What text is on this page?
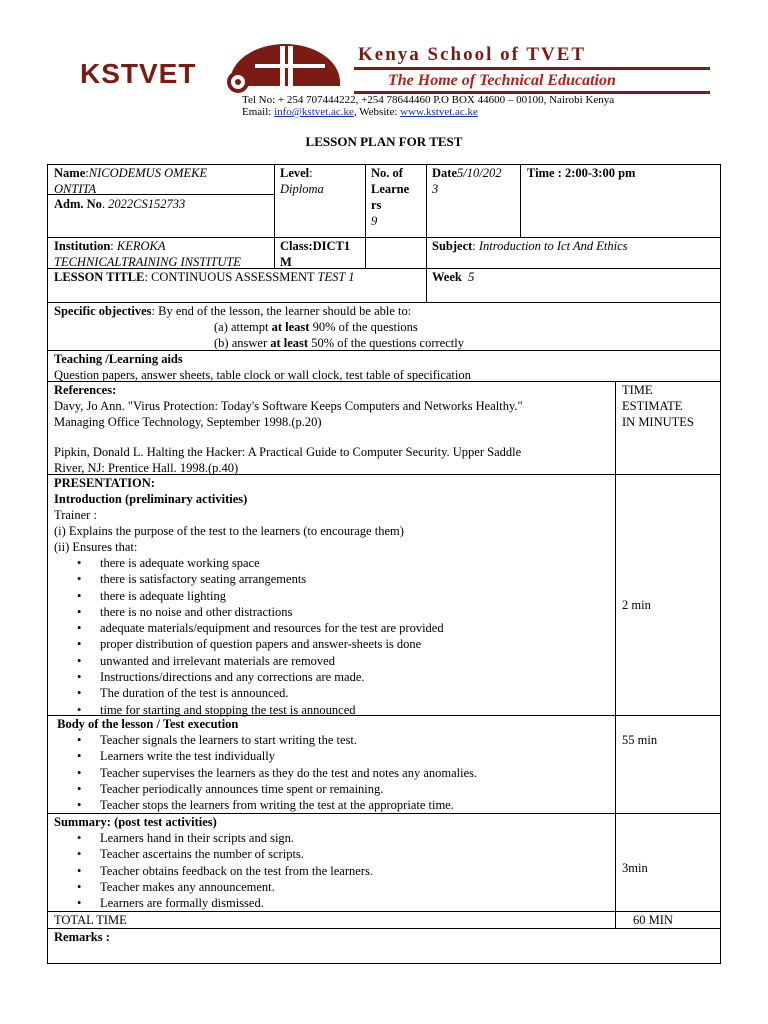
KSTVET
Kenya School of TVET
The Home of Technical Education
Tel No: + 254 707444222, +254 78644460 P.O BOX 44600 – 00100, Nairobi Kenya
Email: info@kstvet.ac.ke, Website: www.kstvet.ac.ke
LESSON PLAN FOR TEST
Name:NICODEMUS OMEKE
ONTITA
Adm. No. 2022CS152733
Level:
Diploma
No. of
Learne
rs
9
Date5/10/202
3
Time : 2:00-3:00 pm
Institution: KEROKA
TECHNICALTRAINING INSTITUTE
Class:DICT1
M
Subject: Introduction to Ict And Ethics
LESSON TITLE: CONTINUOUS ASSESSMENT TEST 1	Week 5
Specific objectives: By end of the lesson, the learner should be able to:
(a) attempt at least 90% of the questions
(b) answer at least 50% of the questions correctly
Teaching /Learning aids
Question papers, answer sheets, table clock or wall clock, test table of specification
References:
Davy, Jo Ann. "Virus Protection: Today's Software Keeps Computers and Networks Healthy."
Managing Office Technology, September 1998.(p.20)
Pipkin, Donald L. Halting the Hacker: A Practical Guide to Computer Security. Upper Saddle
River, NJ: Prentice Hall. 1998.(p.40)
TIME
ESTIMATE
IN MINUTES
PRESENTATION:
Introduction (preliminary activities)
Trainer :
(i) Explains the purpose of the test to the learners (to encourage them)
(ii) Ensures that:
• there is adequate working space
• there is satisfactory seating arrangements
• there is adequate lighting
• there is no noise and other distractions
• adequate materials/equipment and resources for the test are provided
• proper distribution of question papers and answer-sheets is done
• unwanted and irrelevant materials are removed
• Instructions/directions and any corrections are made.
• The duration of the test is announced.
• time for starting and stopping the test is announced
2 min
Body of the lesson / Test execution
• Teacher signals the learners to start writing the test.
• Learners write the test individually
• Teacher supervises the learners as they do the test and notes any anomalies.
• Teacher periodically announces time spent or remaining.
• Teacher stops the learners from writing the test at the appropriate time.
55 min
Summary: (post test activities)
• Learners hand in their scripts and sign.
• Teacher ascertains the number of scripts.
• Teacher obtains feedback on the test from the learners.
• Teacher makes any announcement.
• Learners are formally dismissed.
3min
TOTAL TIME	60 MIN
Remarks :
